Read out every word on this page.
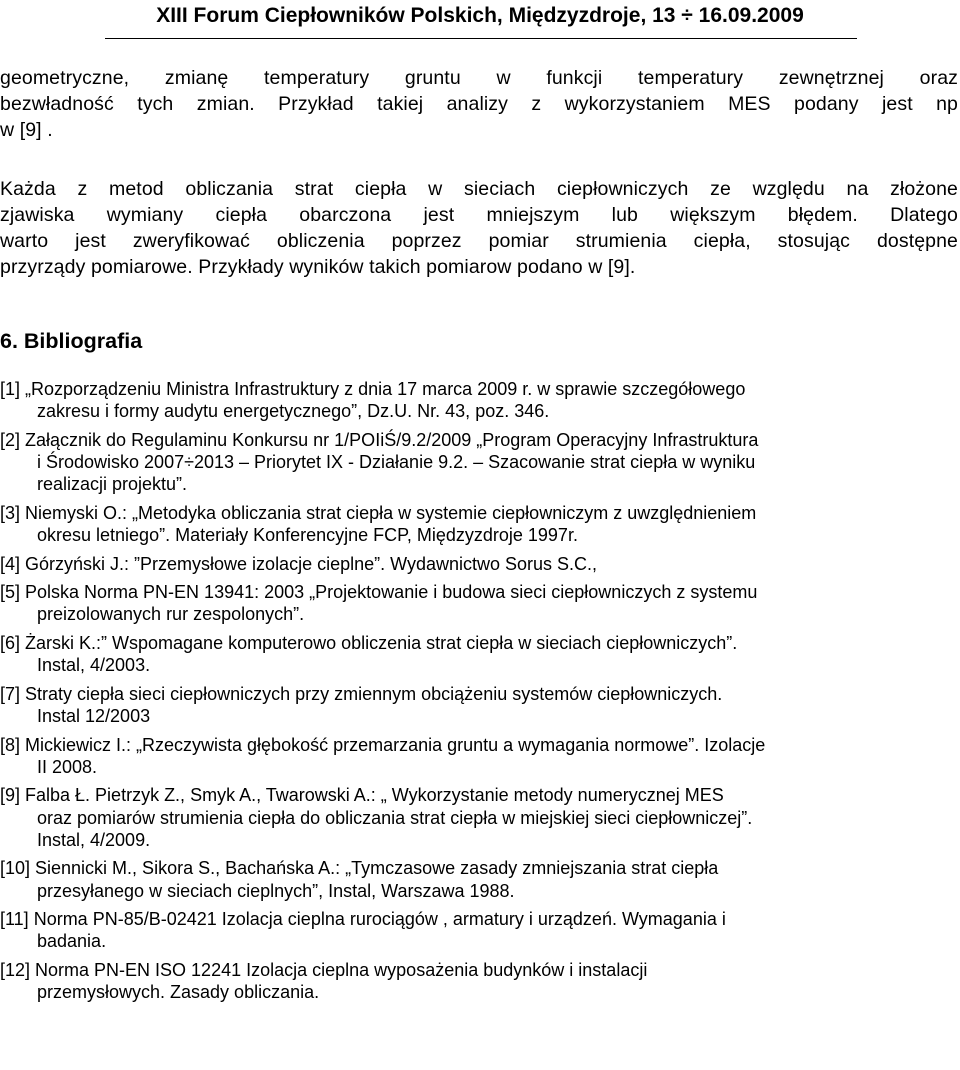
XIII Forum Ciepłowników Polskich, Międzyzdroje, 13 ÷ 16.09.2009
geometryczne, zmianę temperatury gruntu w funkcji temperatury zewnętrznej oraz
bezwładność tych zmian. Przykład takiej analizy z wykorzystaniem MES podany jest np
w [9] .
Każda z metod obliczania strat ciepła w sieciach ciepłowniczych ze względu na złożone
zjawiska wymiany ciepła obarczona jest mniejszym lub większym błędem. Dlatego
warto jest zweryfikować obliczenia poprzez pomiar strumienia ciepła, stosując dostępne
przyrządy pomiarowe. Przykłady wyników takich pomiarow podano w [9].
6. Bibliografia
[1] „Rozporządzeniu Ministra Infrastruktury z dnia 17 marca 2009 r. w sprawie szczegółowego
zakresu i formy audytu energetycznego”, Dz.U. Nr. 43, poz. 346.
[2] Załącznik do Regulaminu Konkursu nr 1/POIiŚ/9.2/2009 „Program Operacyjny Infrastruktura
i Środowisko 2007÷2013 – Priorytet IX - Działanie 9.2. – Szacowanie strat ciepła w wyniku
realizacji projektu”.
[3] Niemyski O.: „Metodyka obliczania strat ciepła w systemie ciepłowniczym z uwzględnieniem
okresu letniego”. Materiały Konferencyjne FCP, Międzyzdroje 1997r.
[4] Górzyński J.: ”Przemysłowe izolacje cieplne”. Wydawnictwo Sorus S.C.,
[5] Polska Norma PN-EN 13941: 2003 „Projektowanie i budowa sieci ciepłowniczych z systemu
preizolowanych rur zespolonych”.
[6] Żarski K.:” Wspomagane komputerowo obliczenia strat ciepła w sieciach ciepłowniczych”.
Instal, 4/2003.
[7] Straty ciepła sieci ciepłowniczych przy zmiennym obciążeniu systemów ciepłowniczych.
Instal 12/2003
[8] Mickiewicz I.: „Rzeczywista głębokość przemarzania gruntu a wymagania normowe”. Izolacje
II 2008.
[9] Falba Ł. Pietrzyk Z., Smyk A., Twarowski A.: „ Wykorzystanie metody numerycznej MES
oraz pomiarów strumienia ciepła do obliczania strat ciepła w miejskiej sieci ciepłowniczej”.
Instal, 4/2009.
[10] Siennicki M., Sikora S., Bachańska A.: „Tymczasowe zasady zmniejszania strat ciepła
przesyłanego w sieciach cieplnych”, Instal, Warszawa 1988.
[11] Norma PN-85/B-02421 Izolacja cieplna rurociągów , armatury i urządzeń. Wymagania i
badania.
[12] Norma PN-EN ISO 12241 Izolacja cieplna wyposażenia budynków i instalacji
przemysłowych. Zasady obliczania.
